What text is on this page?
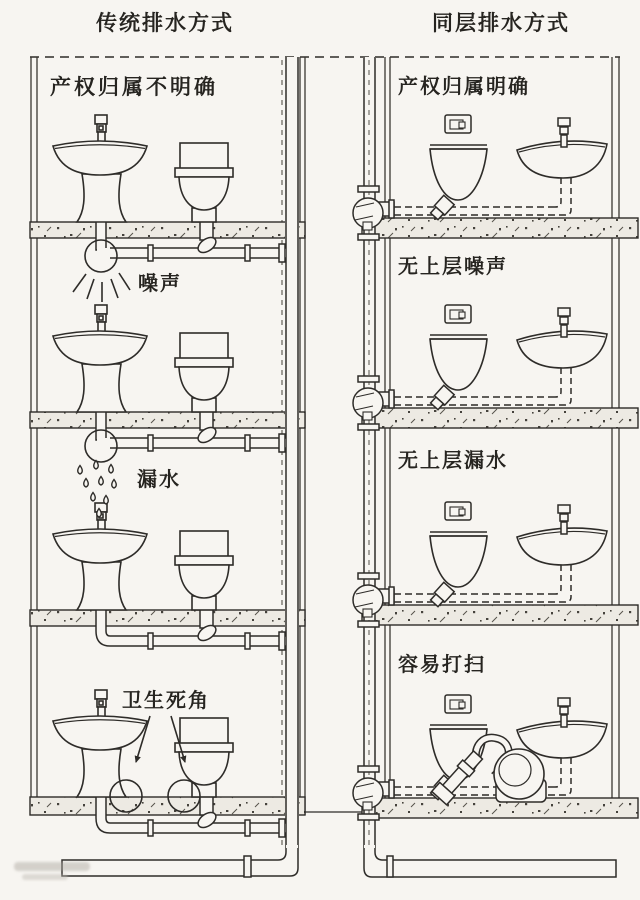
传统排水方式	同层排水方式
噪声
漏水
卫生死角
产权归属不明确	产权归属明确
无上层噪声
无上层漏水
容易打扫
